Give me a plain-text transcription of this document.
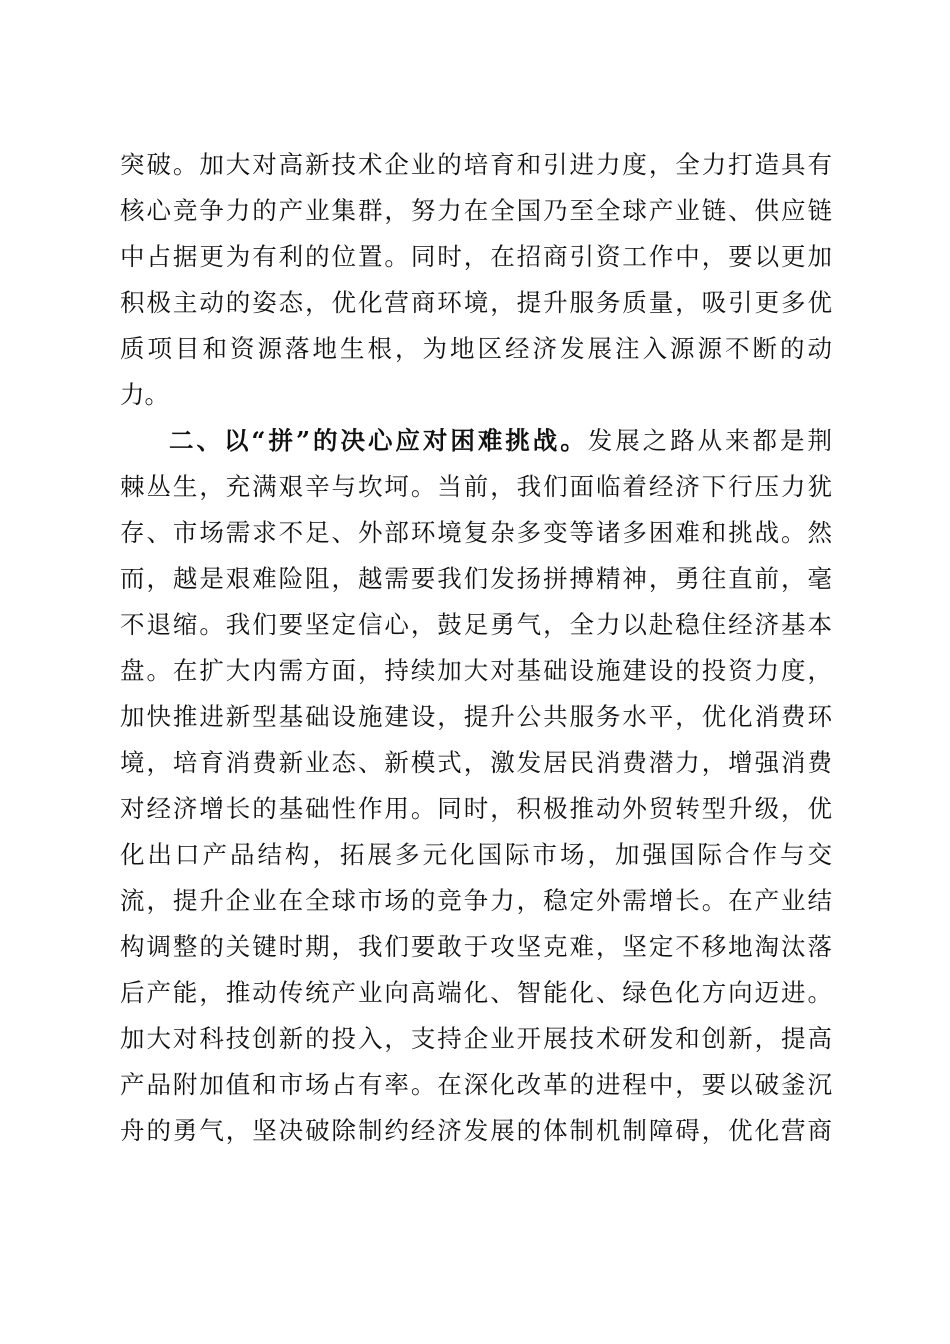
突破。加大对高新技术企业的培育和引进力度，全力打造具有
核心竞争力的产业集群，努力在全国乃至全球产业链、供应链
中占据更为有利的位置。同时，在招商引资工作中，要以更加
积极主动的姿态，优化营商环境，提升服务质量，吸引更多优
质项目和资源落地生根，为地区经济发展注入源源不断的动
力。
二、以“拼”的决心应对困难挑战。发展之路从来都是荆
棘丛生，充满艰辛与坎坷。当前，我们面临着经济下行压力犹
存、市场需求不足、外部环境复杂多变等诸多困难和挑战。然
而，越是艰难险阻，越需要我们发扬拼搏精神，勇往直前，毫
不退缩。我们要坚定信心，鼓足勇气，全力以赴稳住经济基本
盘。在扩大内需方面，持续加大对基础设施建设的投资力度，
加快推进新型基础设施建设，提升公共服务水平，优化消费环
境，培育消费新业态、新模式，激发居民消费潜力，增强消费
对经济增长的基础性作用。同时，积极推动外贸转型升级，优
化出口产品结构，拓展多元化国际市场，加强国际合作与交
流，提升企业在全球市场的竞争力，稳定外需增长。在产业结
构调整的关键时期，我们要敢于攻坚克难，坚定不移地淘汰落
后产能，推动传统产业向高端化、智能化、绿色化方向迈进。
加大对科技创新的投入，支持企业开展技术研发和创新，提高
产品附加值和市场占有率。在深化改革的进程中，要以破釜沉
舟的勇气，坚决破除制约经济发展的体制机制障碍，优化营商
